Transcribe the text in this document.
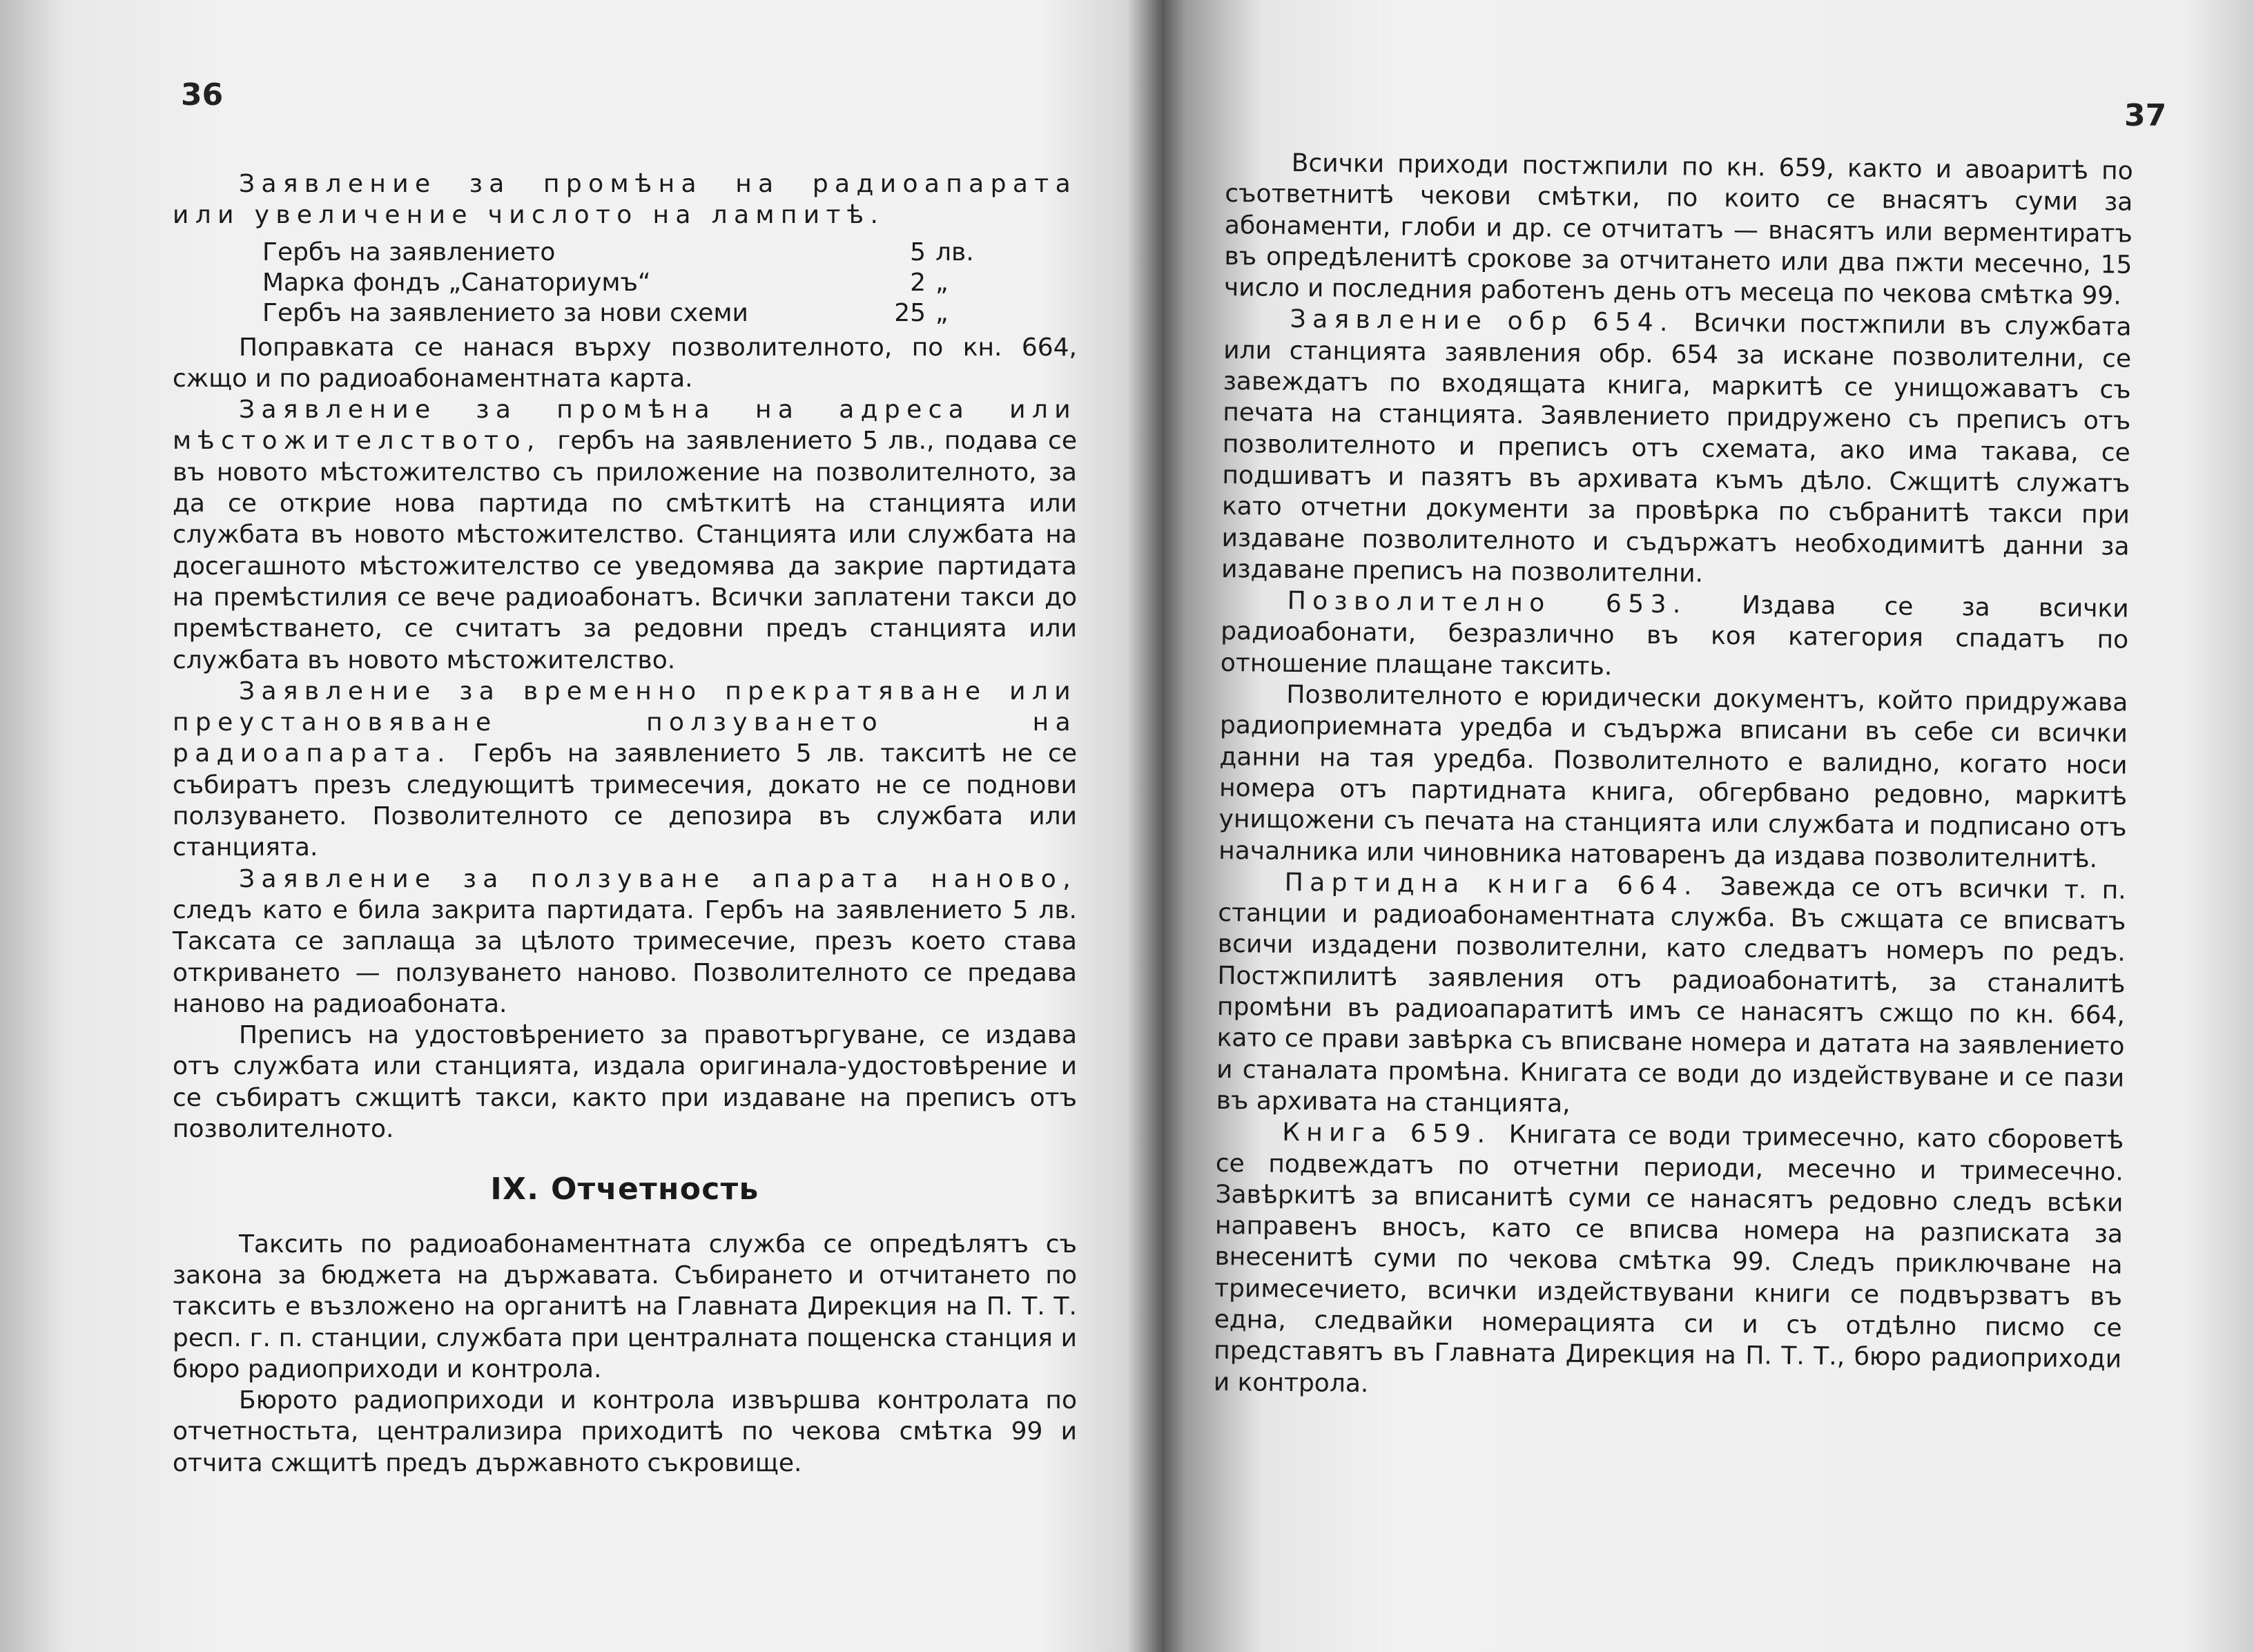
36

Заявление за промѣна на радиоапарата или увеличение числото на лампитѣ.

Гербъ на заявлението	5 лв.
Марка фондъ „Санаториумъ“	2 „
Гербъ на заявлението за нови схеми	25 „

Поправката се нанася върху позволителното, по кн. 664, сжщо и по радиоабонаментната карта.

Заявление за промѣна на адреса или мѣстожителството, гербъ на заявлението 5 лв., подава се въ новото мѣстожителство съ приложение на позволителното, за да се открие нова партида по смѣткитѣ на станцията или службата въ новото мѣстожителство. Станцията или службата на досегашното мѣстожителство се уведомява да закрие партидата на премѣстилия се вече радиоабонатъ. Всички заплатени такси до премѣстването, се считатъ за редовни предъ станцията или службата въ новото мѣстожителство.

Заявление за временно прекратяване или преустановяване ползуването на радиоапарата. Гербъ на заявлението 5 лв. такситѣ не се събиратъ презъ следующитѣ тримесечия, докато не се поднови ползуването. Позволителното се депозира въ службата или станцията.

Заявление за ползуване апарата наново, следъ като е била закрита партидата. Гербъ на заявлението 5 лв. Таксата се заплаща за цѣлото тримесечие, презъ което става откриването — ползуването наново. Позволителното се предава наново на радиоабоната.

Преписъ на удостовѣрението за правотъргуване, се издава отъ службата или станцията, издала оригинала-удостовѣрение и се събиратъ сжщитѣ такси, както при издаване на преписъ отъ позволителното.

IX. Отчетность

Таксить по радиоабонаментната служба се опредѣлятъ съ закона за бюджета на държавата. Събирането и отчитането по таксить е възложено на органитѣ на Главната Дирекция на П. Т. Т. респ. г. п. станции, службата при централната пощенска станция и бюро радиоприходи и контрола.

Бюрото радиоприходи и контрола извършва контролата по отчетностьта, централизира приходитѣ по чекова смѣтка 99 и отчита сжщитѣ предъ държавното съкровище.

37

Всички приходи постжпили по кн. 659, както и авоаритѣ по съответнитѣ чекови смѣтки, по които се внасятъ суми за абонаменти, глоби и др. се отчитатъ — внасятъ или верментиратъ въ опредѣленитѣ срокове за отчитането или два пжти месечно, 15 число и последния работенъ день отъ месеца по чекова смѣтка 99.

Заявление обр 654. Всички постжпили въ службата или станцията заявления обр. 654 за искане позволителни, се завеждатъ по входящата книга, маркитѣ се унищожаватъ съ печата на станцията. Заявлението придружено съ преписъ отъ позволителното и преписъ отъ схемата, ако има такава, се подшиватъ и пазятъ въ архивата къмъ дѣло. Сжщитѣ служатъ като отчетни документи за провѣрка по събранитѣ такси при издаване позволителното и съдържатъ необходимитѣ данни за издаване преписъ на позволителни.

Позволително 653. Издава се за всички радиоабонати, безразлично въ коя категория спадатъ по отношение плащане таксить.

Позволителното е юридически документъ, който придружава радиоприемната уредба и съдържа вписани въ себе си всички данни на тая уредба. Позволителното е валидно, когато носи номера отъ партидната книга, обгербвано редовно, маркитѣ унищожени съ печата на станцията или службата и подписано отъ началника или чиновника натоваренъ да издава позволителнитѣ.

Партидна книга 664. Завежда се отъ всички т. п. станции и радиоабонаментната служба. Въ сжщата се вписватъ всичи издадени позволителни, като следватъ номеръ по редъ. Постжпилитѣ заявления отъ радиоабонатитѣ, за станалитѣ промѣни въ радиоапаратитѣ имъ се нанасятъ сжщо по кн. 664, като се прави завѣрка съ вписване номера и датата на заявлението и станалата промѣна. Книгата се води до издействуване и се пази въ архивата на станцията,

Книга 659. Книгата се води тримесечно, като сбороветѣ се подвеждатъ по отчетни периоди, месечно и тримесечно. Завѣркитѣ за вписанитѣ суми се нанасятъ редовно следъ всѣки направенъ вносъ, като се вписва номера на разписката за внесенитѣ суми по чекова смѣтка 99. Следъ приключване на тримесечието, всички издействувани книги се подвързватъ въ една, следвайки номерацията си и съ отдѣлно писмо се представятъ въ Главната Дирекция на П. Т. Т., бюро радиоприходи и контрола.
